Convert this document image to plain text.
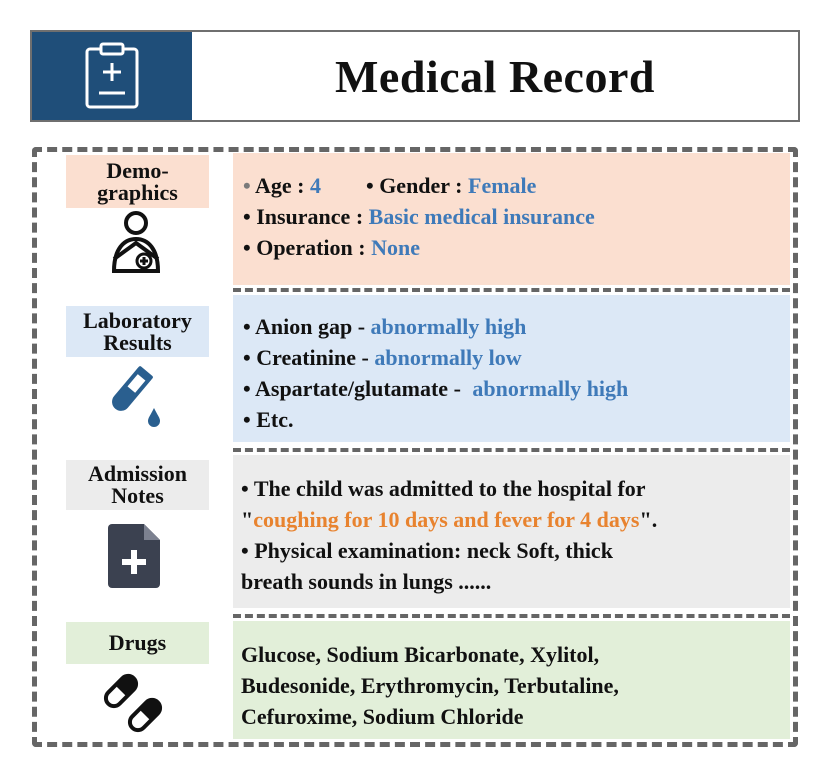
Medical Record
Demo-
graphics	• Age : 4 • Gender : Female
• Insurance : Basic medical insurance
• Operation : None
Laboratory
Results
• Anion gap - abnormally high
• Creatinine - abnormally low
• Aspartate/glutamate - abnormally high
• Etc.
Admission
Notes	• The child was admitted to the hospital for
"coughing for 10 days and fever for 4 days".
• Physical examination: neck Soft, thick
breath sounds in lungs ......
Drugs	Glucose, Sodium Bicarbonate, Xylitol,
Budesonide, Erythromycin, Terbutaline,
Cefuroxime, Sodium Chloride
